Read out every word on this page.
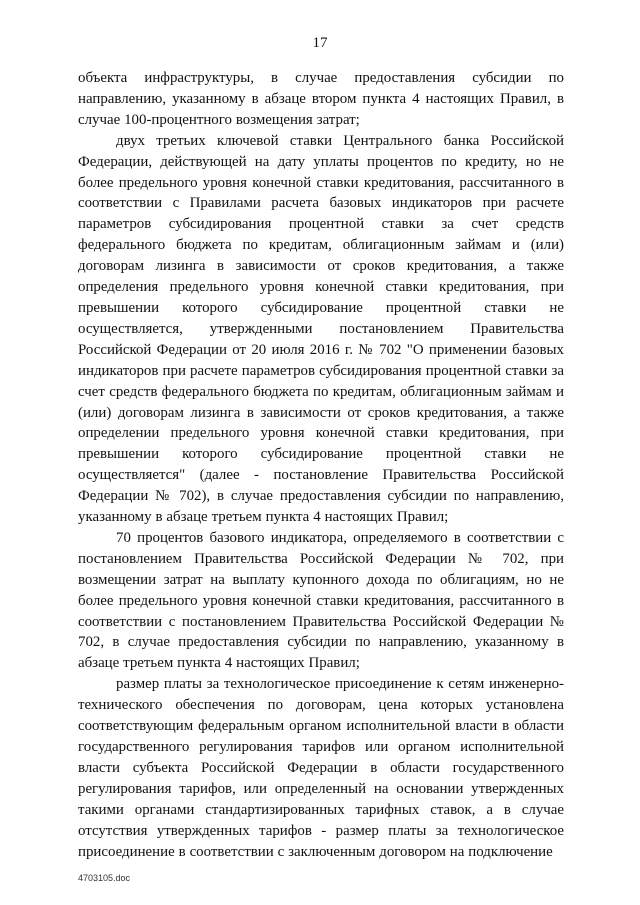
17

объекта инфраструктуры, в случае предоставления субсидии по направлению, указанному в абзаце втором пункта 4 настоящих Правил, в случае 100-процентного возмещения затрат;

двух третьих ключевой ставки Центрального банка Российской Федерации, действующей на дату уплаты процентов по кредиту, но не более предельного уровня конечной ставки кредитования, рассчитанного в соответствии с Правилами расчета базовых индикаторов при расчете параметров субсидирования процентной ставки за счет средств федерального бюджета по кредитам, облигационным займам и (или) договорам лизинга в зависимости от сроков кредитования, а также определения предельного уровня конечной ставки кредитования, при превышении которого субсидирование процентной ставки не осуществляется, утвержденными постановлением Правительства Российской Федерации от 20 июля 2016 г. № 702 "О применении базовых индикаторов при расчете параметров субсидирования процентной ставки за счет средств федерального бюджета по кредитам, облигационным займам и (или) договорам лизинга в зависимости от сроков кредитования, а также определении предельного уровня конечной ставки кредитования, при превышении которого субсидирование процентной ставки не осуществляется" (далее - постановление Правительства Российской Федерации № 702), в случае предоставления субсидии по направлению, указанному в абзаце третьем пункта 4 настоящих Правил;

70 процентов базового индикатора, определяемого в соответствии с постановлением Правительства Российской Федерации № 702, при возмещении затрат на выплату купонного дохода по облигациям, но не более предельного уровня конечной ставки кредитования, рассчитанного в соответствии с постановлением Правительства Российской Федерации № 702, в случае предоставления субсидии по направлению, указанному в абзаце третьем пункта 4 настоящих Правил;

размер платы за технологическое присоединение к сетям инженерно-технического обеспечения по договорам, цена которых установлена соответствующим федеральным органом исполнительной власти в области государственного регулирования тарифов или органом исполнительной власти субъекта Российской Федерации в области государственного регулирования тарифов, или определенный на основании утвержденных такими органами стандартизированных тарифных ставок, а в случае отсутствия утвержденных тарифов - размер платы за технологическое присоединение в соответствии с заключенным договором на подключение

4703105.doc
